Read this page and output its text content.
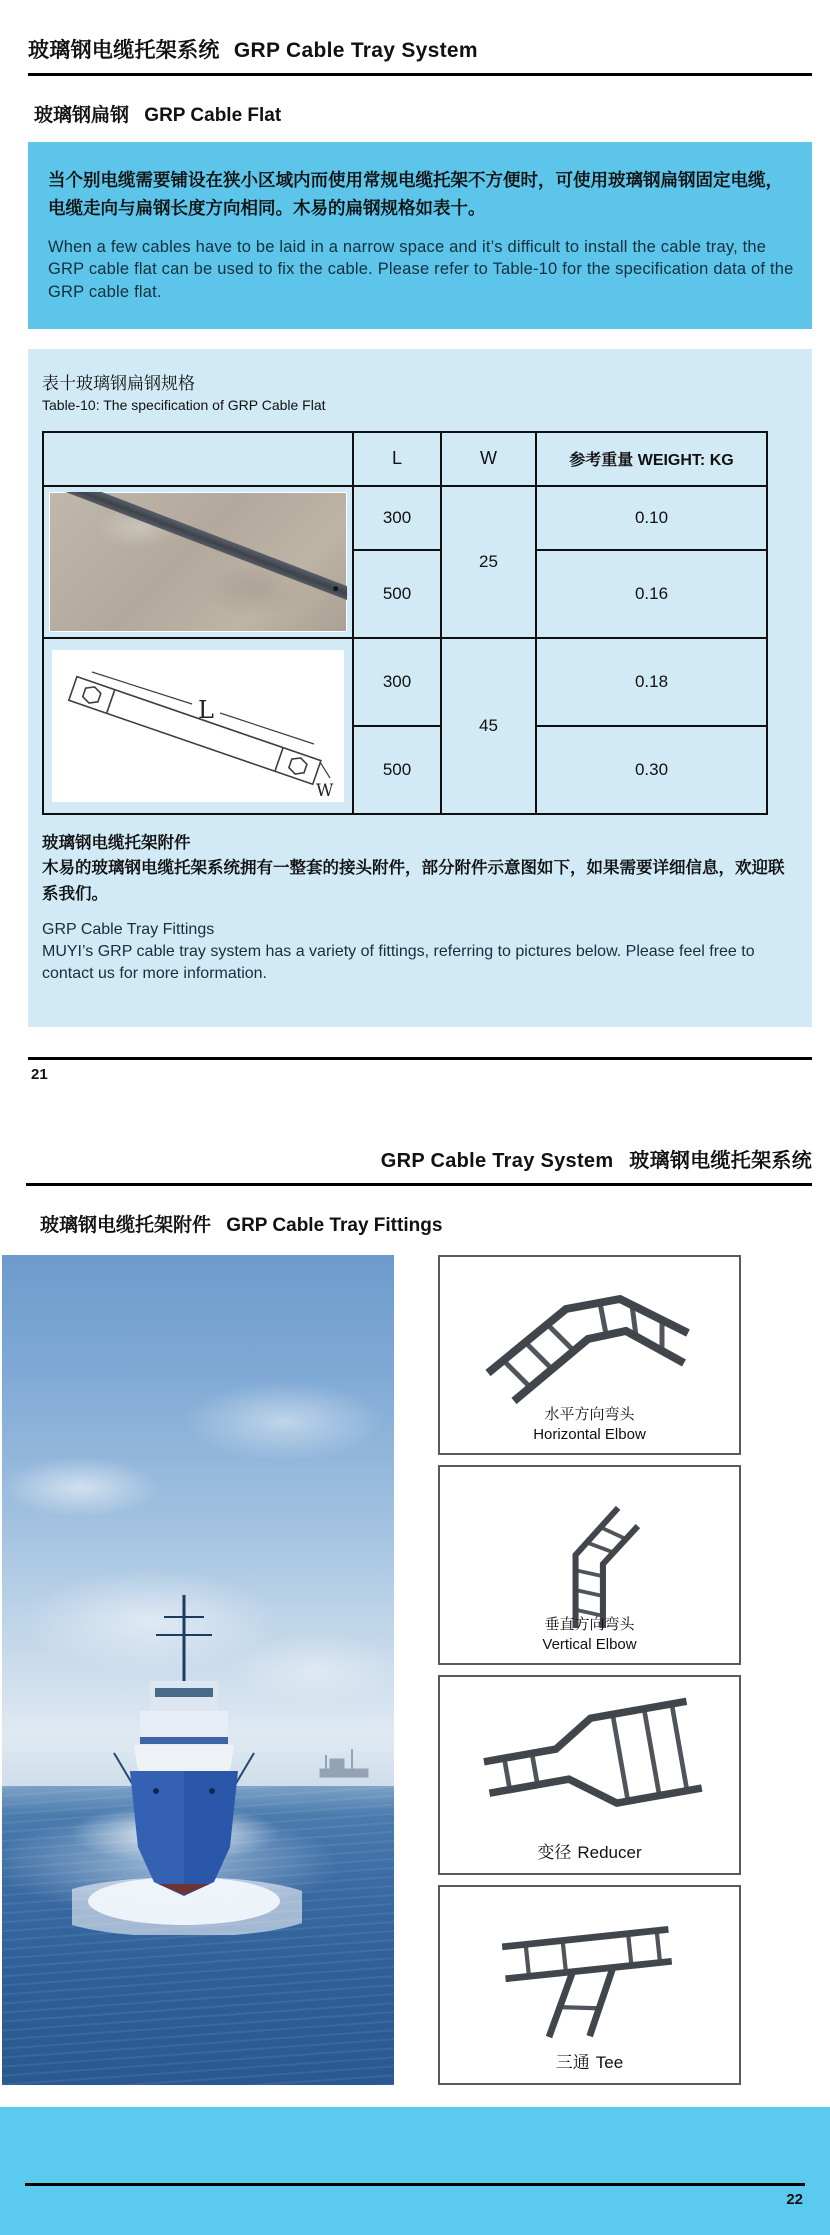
玻璃钢电缆托架系统 GRP Cable Tray System
玻璃钢扁钢 GRP Cable Flat

当个别电缆需要铺设在狭小区域内而使用常规电缆托架不方便时，可使用玻璃钢扁钢固定电缆，电缆走向与扁钢长度方向相同。木易的扁钢规格如表十。

When a few cables have to be laid in a narrow space and it’s difficult to install the cable tray, the GRP cable flat can be used to fix the cable. Please refer to Table-10 for the specification data of the GRP cable flat.

表十玻璃钢扁钢规格
Table-10: The specification of GRP Cable Flat
	L	W	参考重量 WEIGHT: KG

	300	25	0.10
	500		0.16

L
W	300	45	0.18
	500		0.30

玻璃钢电缆托架附件

木易的玻璃钢电缆托架系统拥有一整套的接头附件，部分附件示意图如下，如果需要详细信息，欢迎联系我们。

GRP Cable Tray Fittings

MUYI’s GRP cable tray system has a variety of fittings, referring to pictures below. Please feel free to contact us for more information.

21
GRP Cable Tray System 玻璃钢电缆托架系统
玻璃钢电缆托架附件 GRP Cable Tray Fittings
水平方向弯头
Horizontal Elbow
垂直方向弯头
Vertical Elbow
变径 Reducer
三通 Tee
22
